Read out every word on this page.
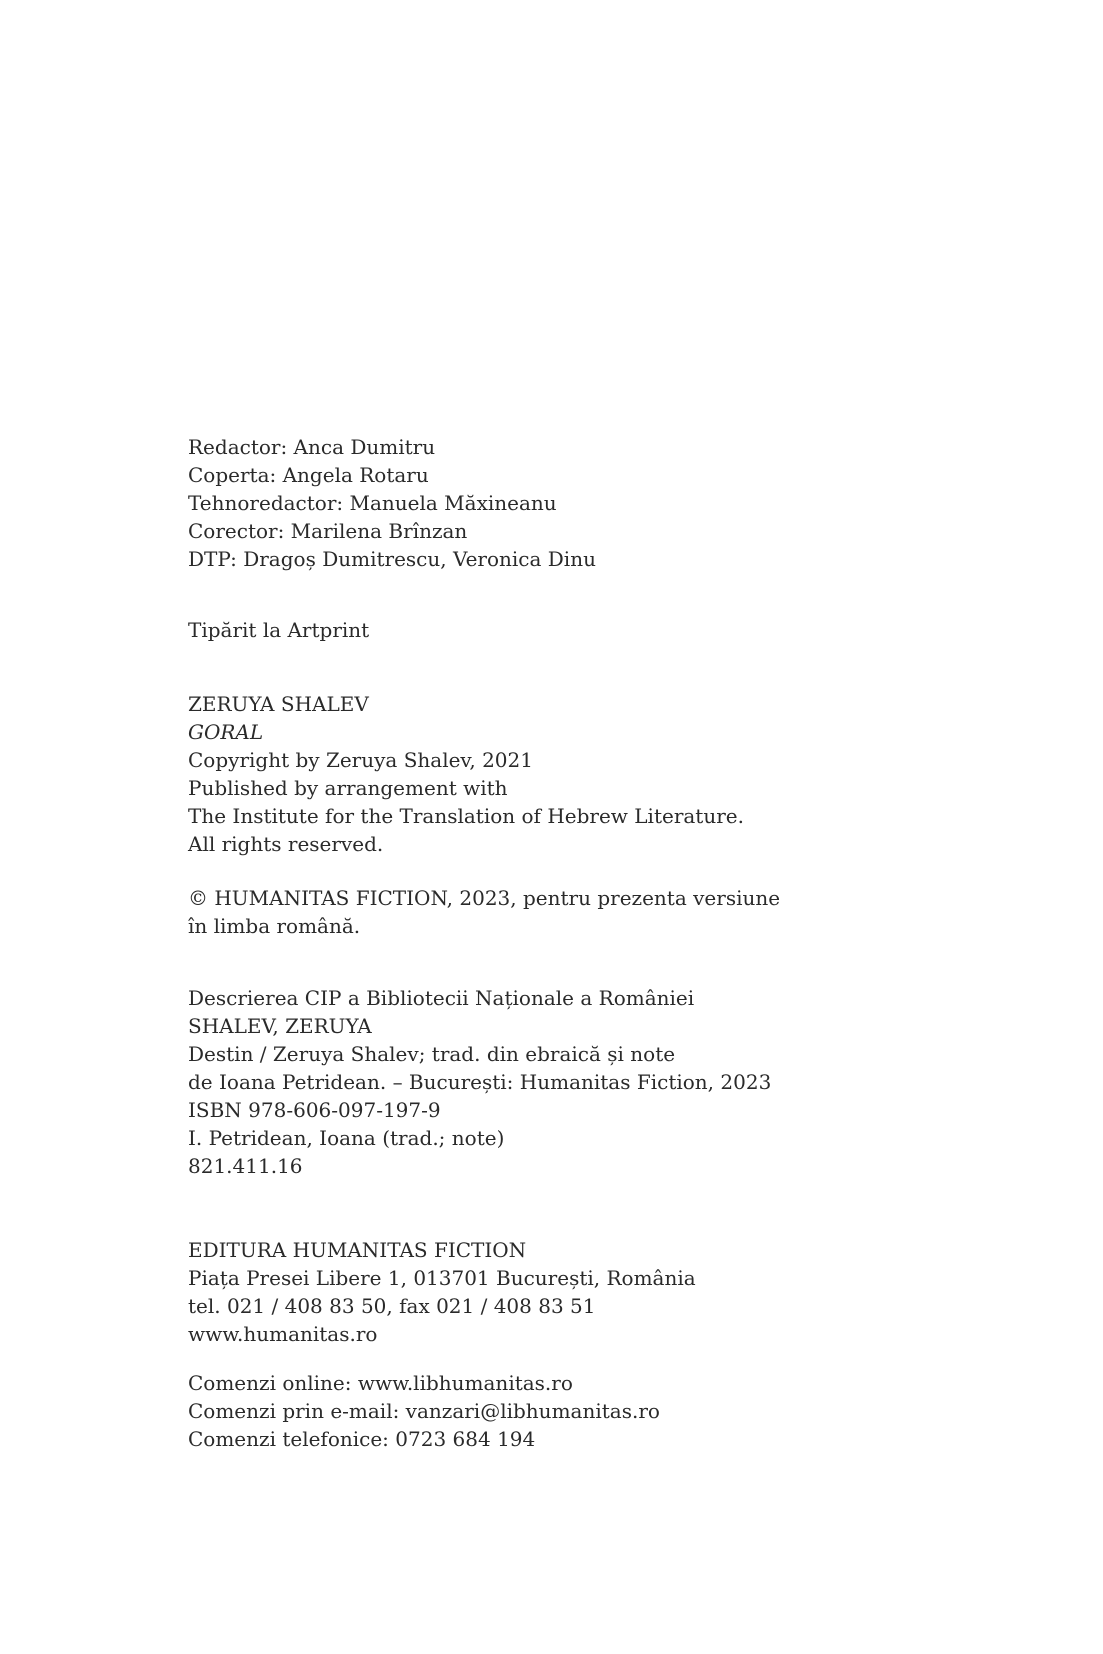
Redactor: Anca Dumitru
Coperta: Angela Rotaru
Tehnoredactor: Manuela Măxineanu
Corector: Marilena Brînzan
DTP: Dragoș Dumitrescu, Veronica Dinu
Tipărit la Artprint
ZERUYA SHALEV
GORAL
Copyright by Zeruya Shalev, 2021
Published by arrangement with
The Institute for the Translation of Hebrew Literature.
All rights reserved.
© HUMANITAS FICTION, 2023, pentru prezenta versiune
în limba română.
Descrierea CIP a Bibliotecii Naționale a României
SHALEV, ZERUYA
Destin / Zeruya Shalev; trad. din ebraică și note
de Ioana Petridean. – București: Humanitas Fiction, 2023
ISBN 978-606-097-197-9
I. Petridean, Ioana (trad.; note)
821.411.16
EDITURA HUMANITAS FICTION
Piața Presei Libere 1, 013701 București, România
tel. 021 / 408 83 50, fax 021 / 408 83 51
www.humanitas.ro
Comenzi online: www.libhumanitas.ro
Comenzi prin e-mail: vanzari@libhumanitas.ro
Comenzi telefonice: 0723 684 194
